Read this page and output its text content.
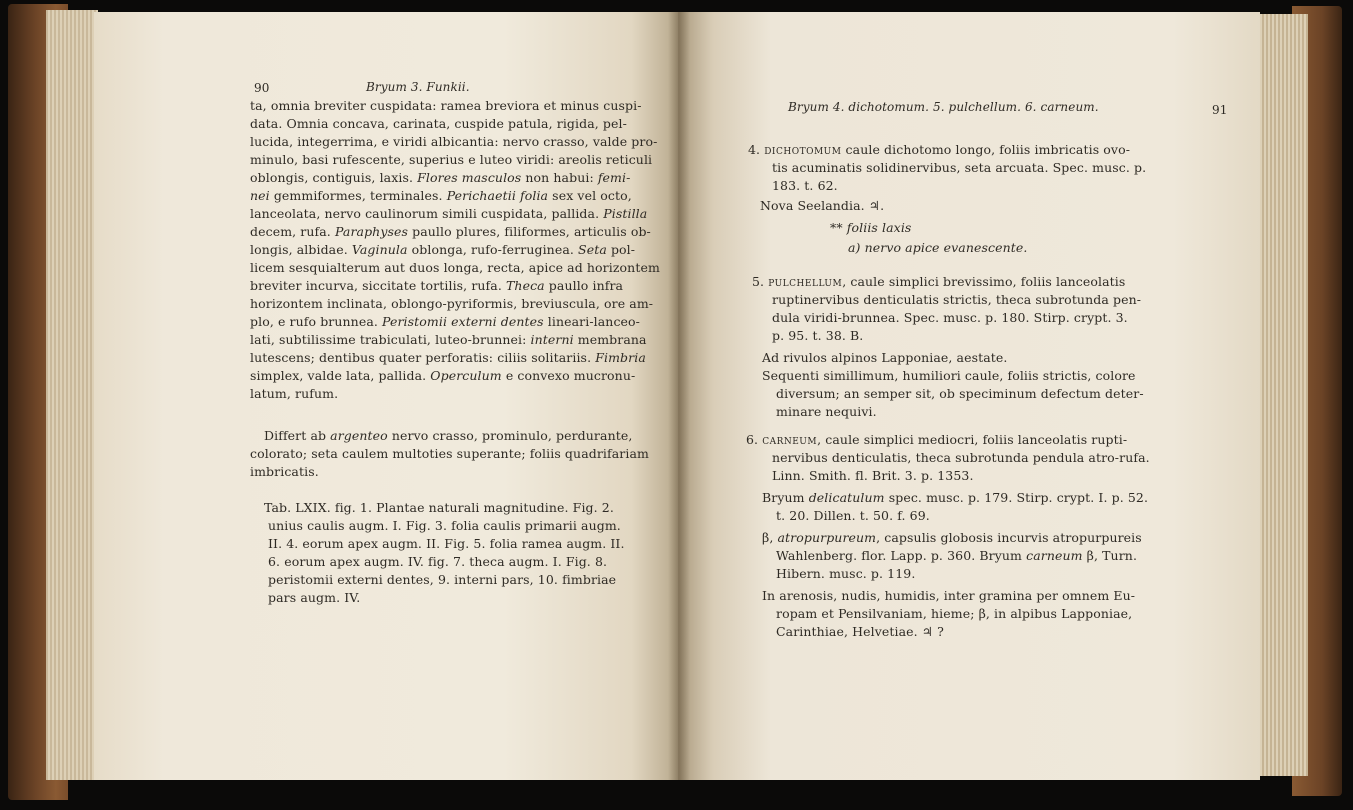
90	Bryum 3. Funkii.
ta, omnia breviter cuspidata: ramea breviora et minus cuspi-
data. Omnia concava, carinata, cuspide patula, rigida, pel-
lucida, integerrima, e viridi albicantia: nervo crasso, valde pro-
minulo, basi rufescente, superius e luteo viridi: areolis reticuli
oblongis, contiguis, laxis. Flores masculos non habui: femi-
nei gemmiformes, terminales. Perichaetii folia sex vel octo,
lanceolata, nervo caulinorum simili cuspidata, pallida. Pistilla
decem, rufa. Paraphyses paullo plures, filiformes, articulis ob-
longis, albidae. Vaginula oblonga, rufo-ferruginea. Seta pol-
licem sesquialterum aut duos longa, recta, apice ad horizontem
breviter incurva, siccitate tortilis, rufa. Theca paullo infra
horizontem inclinata, oblongo-pyriformis, breviuscula, ore am-
plo, e rufo brunnea. Peristomii externi dentes lineari-lanceo-
lati, subtilissime trabiculati, luteo-brunnei: interni membrana
lutescens; dentibus quater perforatis: ciliis solitariis. Fimbria
simplex, valde lata, pallida. Operculum e convexo mucronu-
latum, rufum.
Differt ab argenteo nervo crasso, prominulo, perdurante,
colorato; seta caulem multoties superante; foliis quadrifariam
imbricatis.
Tab. LXIX. fig. 1. Plantae naturali magnitudine. Fig. 2.
unius caulis augm. I. Fig. 3. folia caulis primarii augm.
II. 4. eorum apex augm. II. Fig. 5. folia ramea augm. II.
6. eorum apex augm. IV. fig. 7. theca augm. I. Fig. 8.
peristomii externi dentes, 9. interni pars, 10. fimbriae
pars augm. IV.
Bryum 4. dichotomum. 5. pulchellum. 6. carneum.	91
4. dichotomum caule dichotomo longo, foliis imbricatis ovo-
tis acuminatis solidinervibus, seta arcuata. Spec. musc. p.
183. t. 62.
Nova Seelandia. ♃.
** foliis laxis
a) nervo apice evanescente.
5. pulchellum, caule simplici brevissimo, foliis lanceolatis
ruptinervibus denticulatis strictis, theca subrotunda pen-
dula viridi-brunnea. Spec. musc. p. 180. Stirp. crypt. 3.
p. 95. t. 38. B.
Ad rivulos alpinos Lapponiae, aestate.
Sequenti simillimum, humiliori caule, foliis strictis, colore
diversum; an semper sit, ob speciminum defectum deter-
minare nequivi.
6. carneum, caule simplici mediocri, foliis lanceolatis rupti-
nervibus denticulatis, theca subrotunda pendula atro-rufa.
Linn. Smith. fl. Brit. 3. p. 1353.
Bryum delicatulum spec. musc. p. 179. Stirp. crypt. I. p. 52.
t. 20. Dillen. t. 50. f. 69.
β, atropurpureum, capsulis globosis incurvis atropurpureis
Wahlenberg. flor. Lapp. p. 360. Bryum carneum β, Turn.
Hibern. musc. p. 119.
In arenosis, nudis, humidis, inter gramina per omnem Eu-
ropam et Pensilvaniam, hieme; β, in alpibus Lapponiae,
Carinthiae, Helvetiae. ♃ ?
